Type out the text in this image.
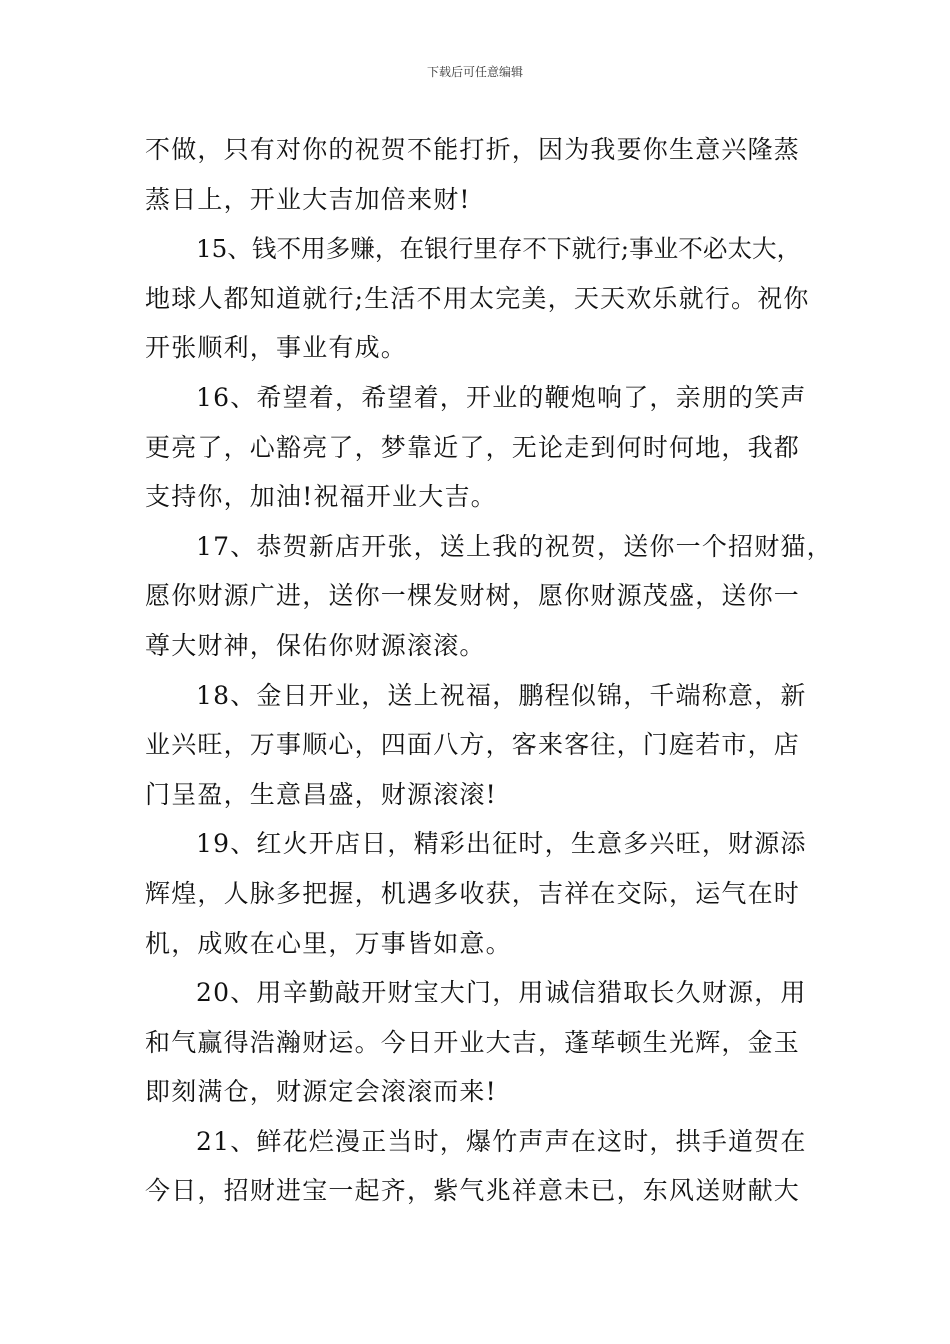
下载后可任意编辑

不做，只有对你的祝贺不能打折，因为我要你生意兴隆蒸
蒸日上，开业大吉加倍来财!

15、钱不用多赚，在银行里存不下就行;事业不必太大，
地球人都知道就行;生活不用太完美，天天欢乐就行。祝你
开张顺利，事业有成。

16、希望着，希望着，开业的鞭炮响了，亲朋的笑声
更亮了，心豁亮了，梦靠近了，无论走到何时何地，我都
支持你，加油!祝福开业大吉。

17、恭贺新店开张，送上我的祝贺，送你一个招财猫，
愿你财源广进，送你一棵发财树，愿你财源茂盛，送你一
尊大财神，保佑你财源滚滚。

18、金日开业，送上祝福，鹏程似锦，千端称意，新
业兴旺，万事顺心，四面八方，客来客往，门庭若市，店
门呈盈，生意昌盛，财源滚滚!

19、红火开店日，精彩出征时，生意多兴旺，财源添
辉煌，人脉多把握，机遇多收获，吉祥在交际，运气在时
机，成败在心里，万事皆如意。

20、用辛勤敲开财宝大门，用诚信猎取长久财源，用
和气赢得浩瀚财运。今日开业大吉，蓬荜顿生光辉，金玉
即刻满仓，财源定会滚滚而来!

21、鲜花烂漫正当时，爆竹声声在这时，拱手道贺在
今日，招财进宝一起齐，紫气兆祥意未已，东风送财献大
